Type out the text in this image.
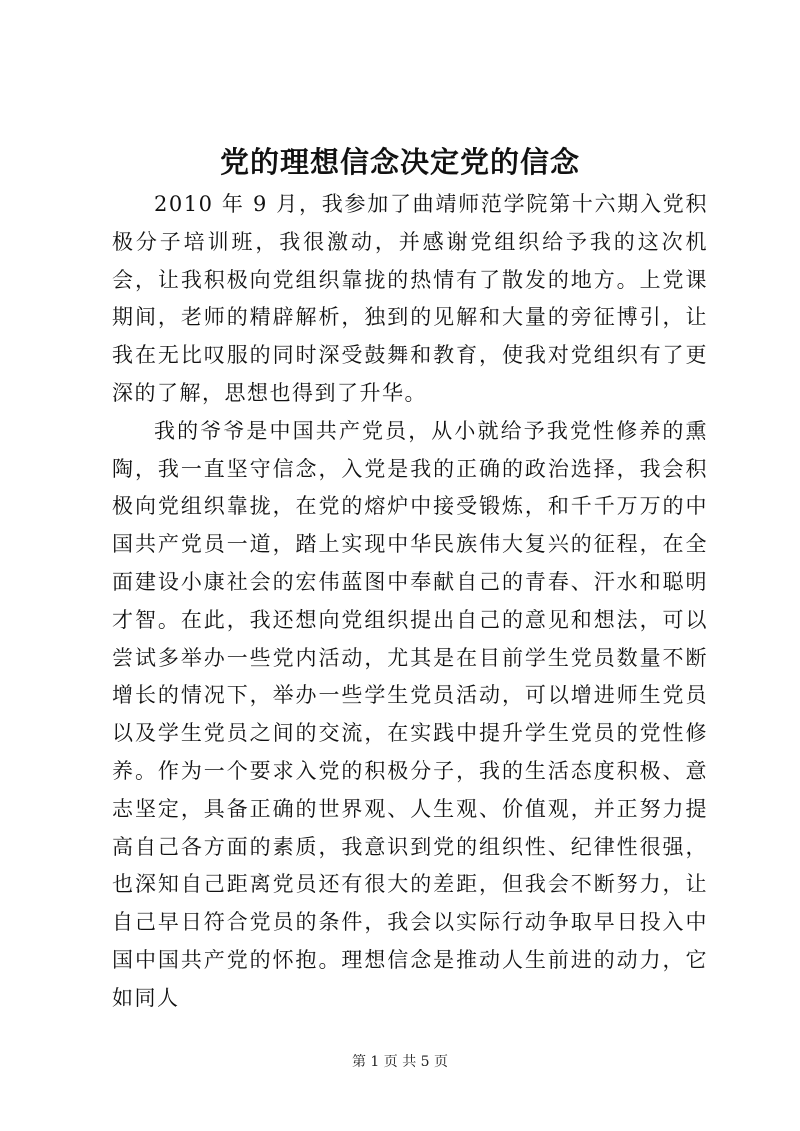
党的理想信念决定党的信念

2010 年 9 月，我参加了曲靖师范学院第十六期入党积极分子培训班，我很激动，并感谢党组织给予我的这次机会，让我积极向党组织靠拢的热情有了散发的地方。上党课期间，老师的精辟解析，独到的见解和大量的旁征博引，让我在无比叹服的同时深受鼓舞和教育，使我对党组织有了更深的了解，思想也得到了升华。

我的爷爷是中国共产党员，从小就给予我党性修养的熏陶，我一直坚守信念，入党是我的正确的政治选择，我会积极向党组织靠拢，在党的熔炉中接受锻炼，和千千万万的中国共产党员一道，踏上实现中华民族伟大复兴的征程，在全面建设小康社会的宏伟蓝图中奉献自己的青春、汗水和聪明才智。在此，我还想向党组织提出自己的意见和想法，可以尝试多举办一些党内活动，尤其是在目前学生党员数量不断增长的情况下，举办一些学生党员活动，可以增进师生党员以及学生党员之间的交流，在实践中提升学生党员的党性修养。作为一个要求入党的积极分子，我的生活态度积极、意志坚定，具备正确的世界观、人生观、价值观，并正努力提高自己各方面的素质，我意识到党的组织性、纪律性很强，也深知自己距离党员还有很大的差距，但我会不断努力，让自己早日符合党员的条件，我会以实际行动争取早日投入中国中国共产党的怀抱。理想信念是推动人生前进的动力，它如同人

第 1 页 共 5 页
